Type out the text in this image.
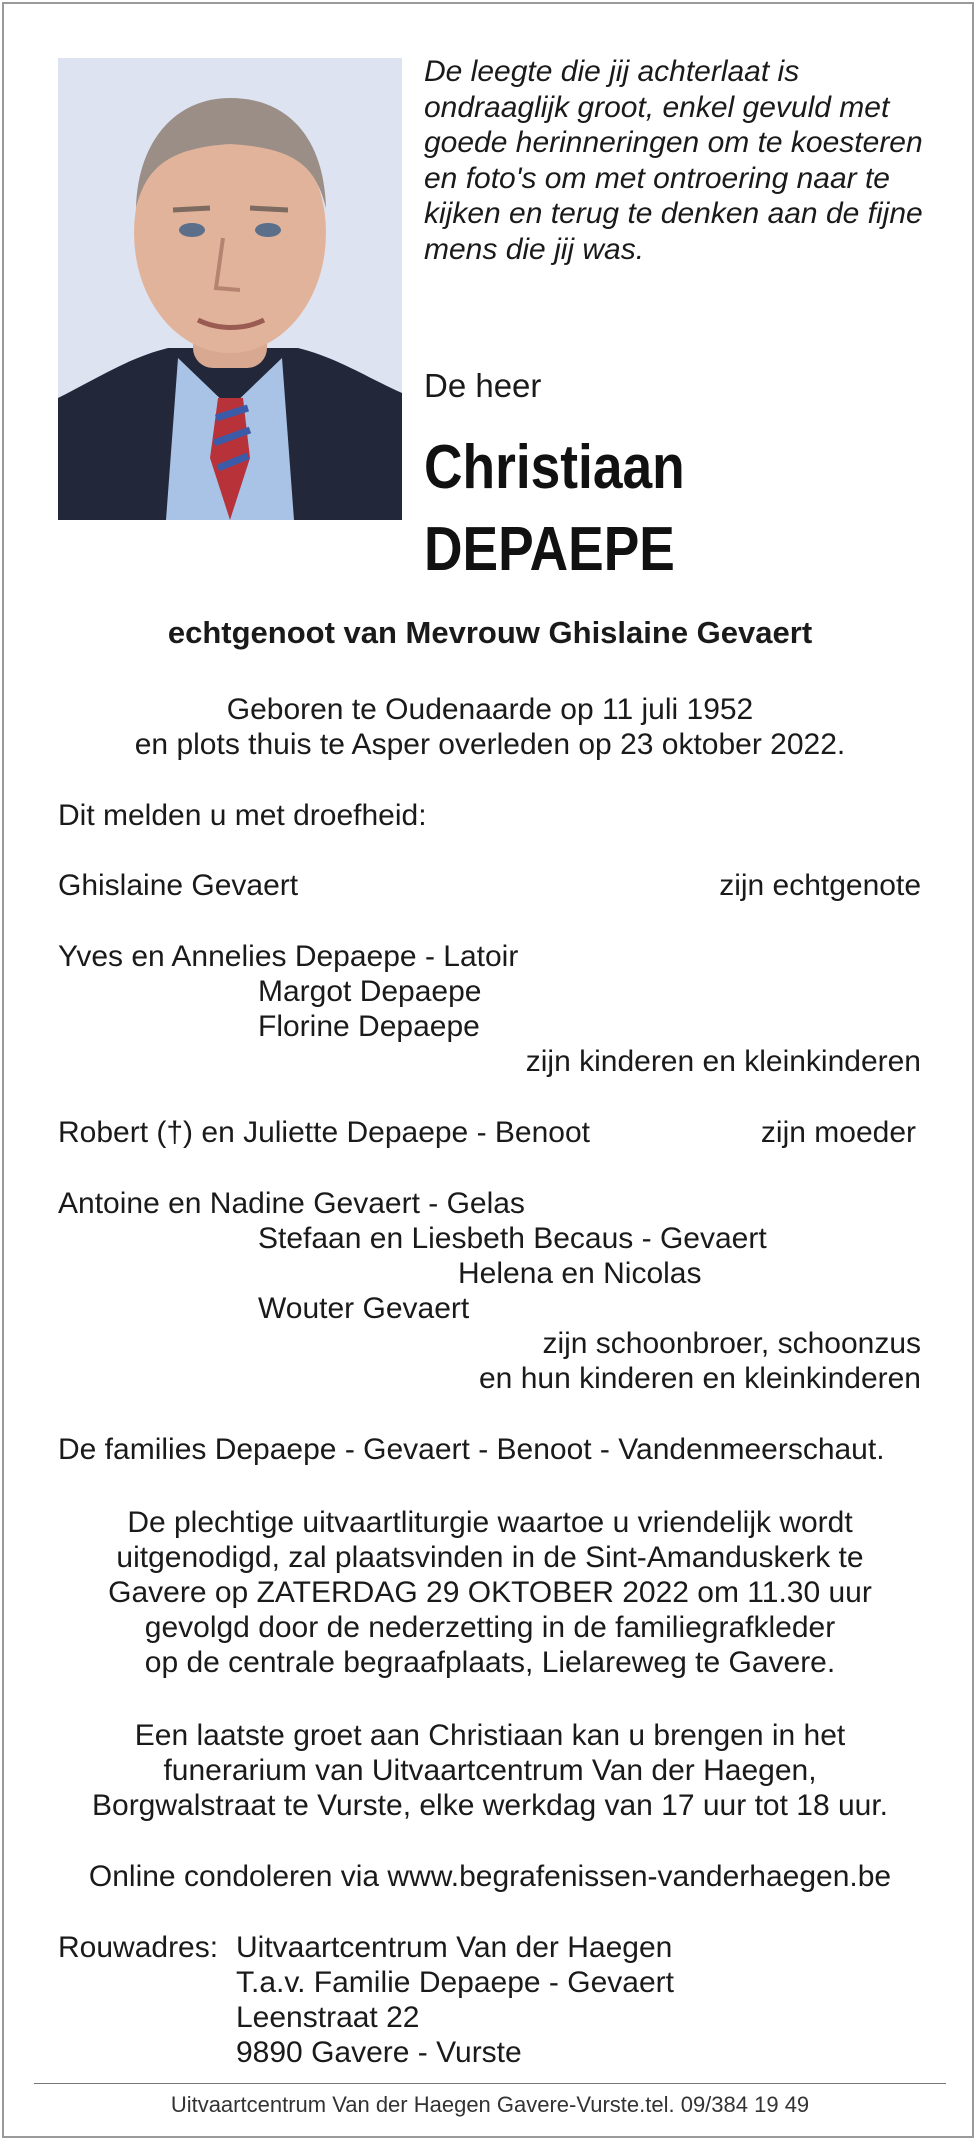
De leegte die jij achterlaat is ondraaglijk groot, enkel gevuld met goede herinneringen om te koesteren en foto's om met ontroering naar te kijken en terug te denken aan de fijne mens die jij was.

De heer

Christiaan

DEPAEPE

echtgenoot van Mevrouw Ghislaine Gevaert

Geboren te Oudenaarde op 11 juli 1952

en plots thuis te Asper overleden op 23 oktober 2022.

Dit melden u met droefheid:

Ghislaine Gevaert	zijn echtgenote

Yves en Annelies Depaepe - Latoir

Margot Depaepe

Florine Depaepe

zijn kinderen en kleinkinderen

Robert (†) en Juliette Depaepe - Benoot	zijn moeder

Antoine en Nadine Gevaert - Gelas

Stefaan en Liesbeth Becaus - Gevaert

Helena en Nicolas

Wouter Gevaert

zijn schoonbroer, schoonzus

en hun kinderen en kleinkinderen

De families Depaepe - Gevaert - Benoot - Vandenmeerschaut.

De plechtige uitvaartliturgie waartoe u vriendelijk wordt

uitgenodigd, zal plaatsvinden in de Sint-Amanduskerk te

Gavere op ZATERDAG 29 OKTOBER 2022 om 11.30 uur

gevolgd door de nederzetting in de familiegrafkleder

op de centrale begraafplaats, Lielareweg te Gavere.

Een laatste groet aan Christiaan kan u brengen in het

funerarium van Uitvaartcentrum Van der Haegen,

Borgwalstraat te Vurste, elke werkdag van 17 uur tot 18 uur.

Online condoleren via www.begrafenissen-vanderhaegen.be

Rouwadres: Uitvaartcentrum Van der Haegen

T.a.v. Familie Depaepe - Gevaert

Leenstraat 22

9890 Gavere - Vurste

Uitvaartcentrum Van der Haegen Gavere-Vurste.tel. 09/384 19 49
